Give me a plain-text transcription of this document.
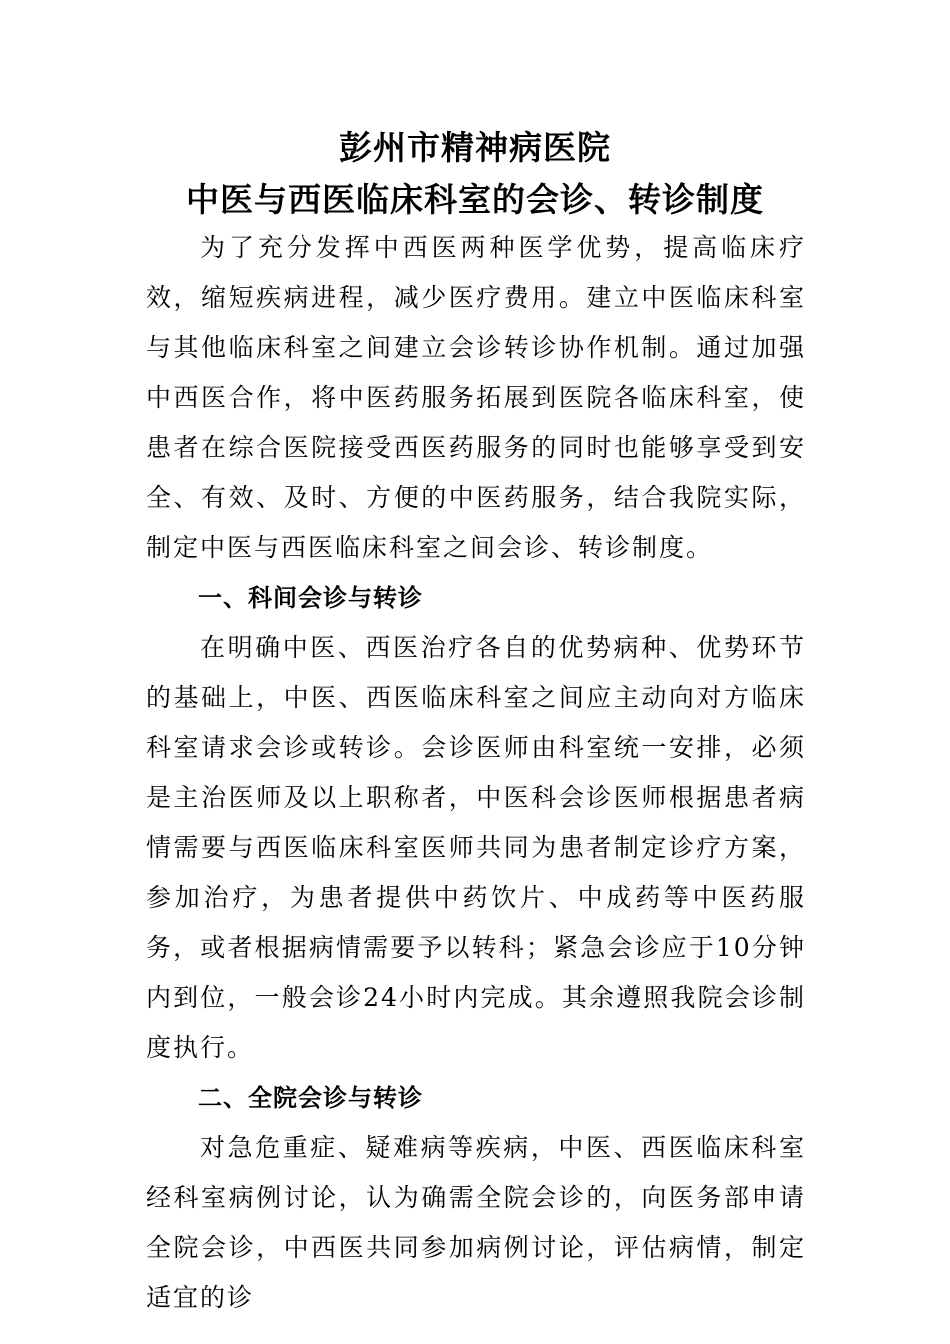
彭州市精神病医院
中医与西医临床科室的会诊、转诊制度

为了充分发挥中西医两种医学优势，提高临床疗效，缩短疾病进程，减少医疗费用。建立中医临床科室与其他临床科室之间建立会诊转诊协作机制。通过加强中西医合作，将中医药服务拓展到医院各临床科室，使患者在综合医院接受西医药服务的同时也能够享受到安全、有效、及时、方便的中医药服务，结合我院实际，制定中医与西医临床科室之间会诊、转诊制度。

一、科间会诊与转诊

在明确中医、西医治疗各自的优势病种、优势环节的基础上，中医、西医临床科室之间应主动向对方临床科室请求会诊或转诊。会诊医师由科室统一安排，必须是主治医师及以上职称者，中医科会诊医师根据患者病情需要与西医临床科室医师共同为患者制定诊疗方案，参加治疗，为患者提供中药饮片、中成药等中医药服务，或者根据病情需要予以转科；紧急会诊应于10分钟内到位，一般会诊24小时内完成。其余遵照我院会诊制度执行。

二、全院会诊与转诊

对急危重症、疑难病等疾病，中医、西医临床科室经科室病例讨论，认为确需全院会诊的，向医务部申请全院会诊，中西医共同参加病例讨论，评估病情，制定适宜的诊
